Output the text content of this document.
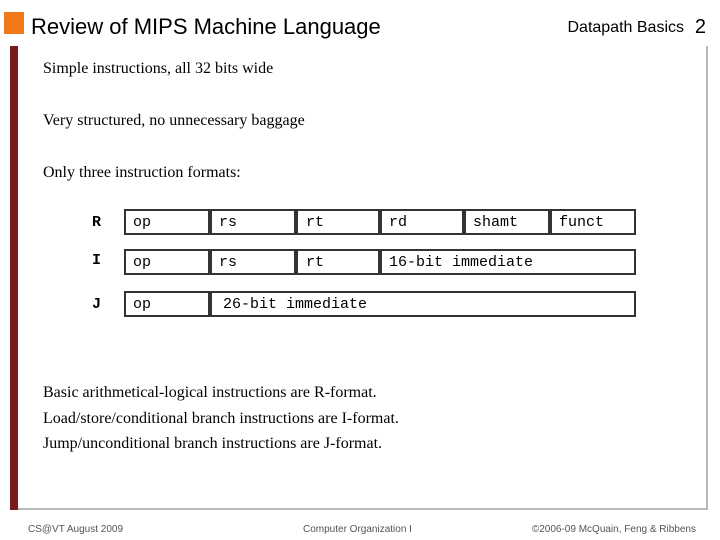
Review of MIPS Machine Language	Datapath Basics 2
Simple instructions, all 32 bits wide
Very structured, no unnecessary baggage
Only three instruction formats:
R	op	rs	rt	rd	shamt	funct
I	op	rs	rt	16-bit immediate
J	op	26-bit immediate
Basic arithmetical-logical instructions are R-format.
Load/store/conditional branch instructions are I-format.
Jump/unconditional branch instructions are J-format.
CS@VT August 2009	Computer Organization I	©2006-09 McQuain, Feng & Ribbens
